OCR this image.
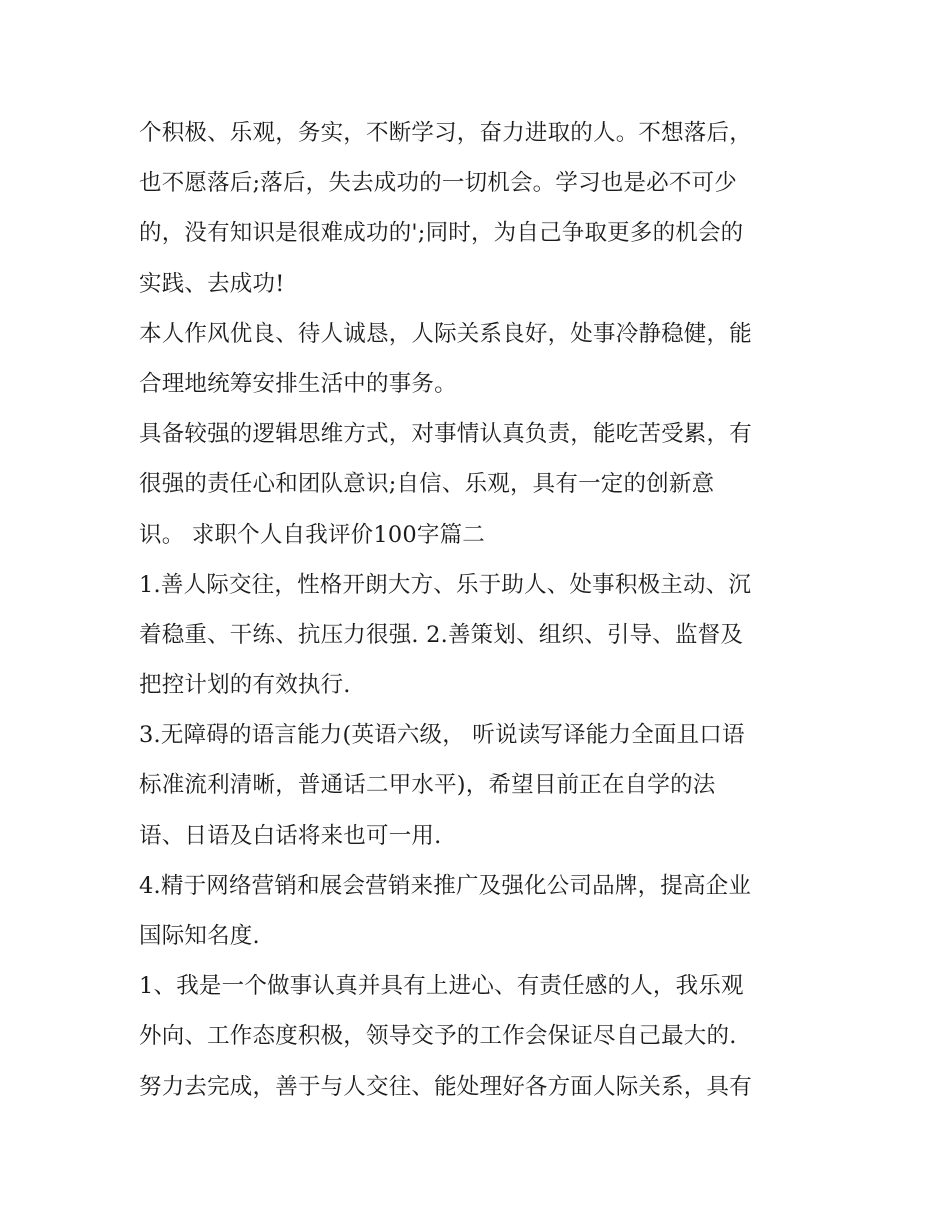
个积极、乐观，务实，不断学习，奋力进取的人。不想落后，
也不愿落后;落后，失去成功的一切机会。学习也是必不可少
的，没有知识是很难成功的';同时，为自己争取更多的机会的
实践、去成功!
本人作风优良、待人诚恳，人际关系良好，处事冷静稳健，能
合理地统筹安排生活中的事务。
具备较强的逻辑思维方式，对事情认真负责，能吃苦受累，有
很强的责任心和团队意识;自信、乐观，具有一定的创新意
识。 求职个人自我评价100字篇二
1.善人际交往，性格开朗大方、乐于助人、处事积极主动、沉
着稳重、干练、抗压力很强. 2.善策划、组织、引导、监督及
把控计划的有效执行.
3.无障碍的语言能力(英语六级， 听说读写译能力全面且口语
标准流利清晰，普通话二甲水平)，希望目前正在自学的法
语、日语及白话将来也可一用.
4.精于网络营销和展会营销来推广及强化公司品牌，提高企业
国际知名度.
1、我是一个做事认真并具有上进心、有责任感的人，我乐观
外向、工作态度积极，领导交予的工作会保证尽自己最大的.
努力去完成，善于与人交往、能处理好各方面人际关系，具有
